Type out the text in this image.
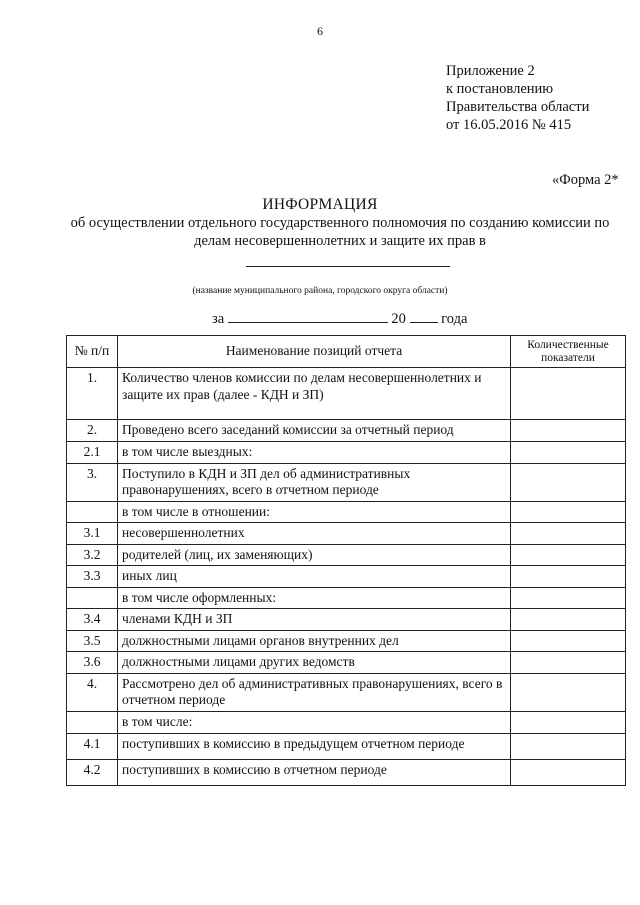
6
Приложение 2
к постановлению
Правительства области
от 16.05.2016 № 415
«Форма 2*
ИНФОРМАЦИЯ
об осуществлении отдельного государственного полномочия по созданию комиссии по делам несовершеннолетних и защите их прав в
(название муниципального района, городского округа области)
за	20 года
№ п/п	Наименование позиций отчета	Количественные показатели
1.	Количество членов комиссии по делам несовершеннолетних и защите их прав (далее - КДН и ЗП)	
2.	Проведено всего заседаний комиссии за отчетный период	
2.1	в том числе выездных:	
3.	Поступило в КДН и ЗП дел об административных правонарушениях, всего в отчетном периоде	
	в том числе в отношении:	
3.1	несовершеннолетних	
3.2	родителей (лиц, их заменяющих)	
3.3	иных лиц	
	в том числе оформленных:	
3.4	членами КДН и ЗП	
3.5	должностными лицами органов внутренних дел	
3.6	должностными лицами других ведомств	
4.	Рассмотрено дел об административных правонарушениях, всего в отчетном периоде	
	в том числе:	
4.1	поступивших в комиссию в предыдущем отчетном периоде	
4.2	поступивших в комиссию в отчетном периоде	
